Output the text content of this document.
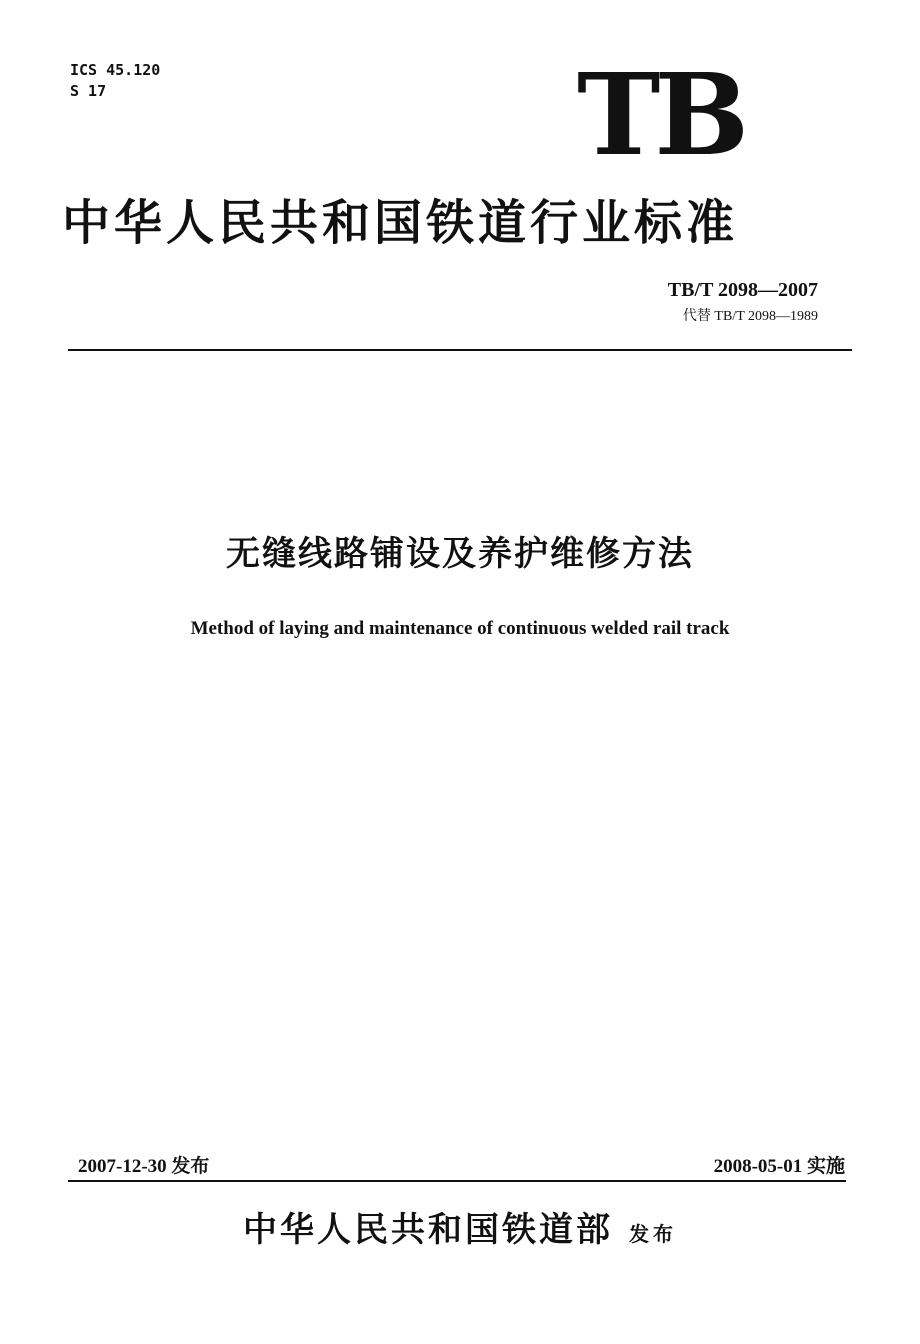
ICS 45.120
S 17	TB
中华人民共和国铁道行业标准
TB/T 2098—2007
代替 TB/T 2098—1989
无缝线路铺设及养护维修方法
Method of laying and maintenance of continuous welded rail track
2007-12-30 发布	2008-05-01 实施
中华人民共和国铁道部 发布
